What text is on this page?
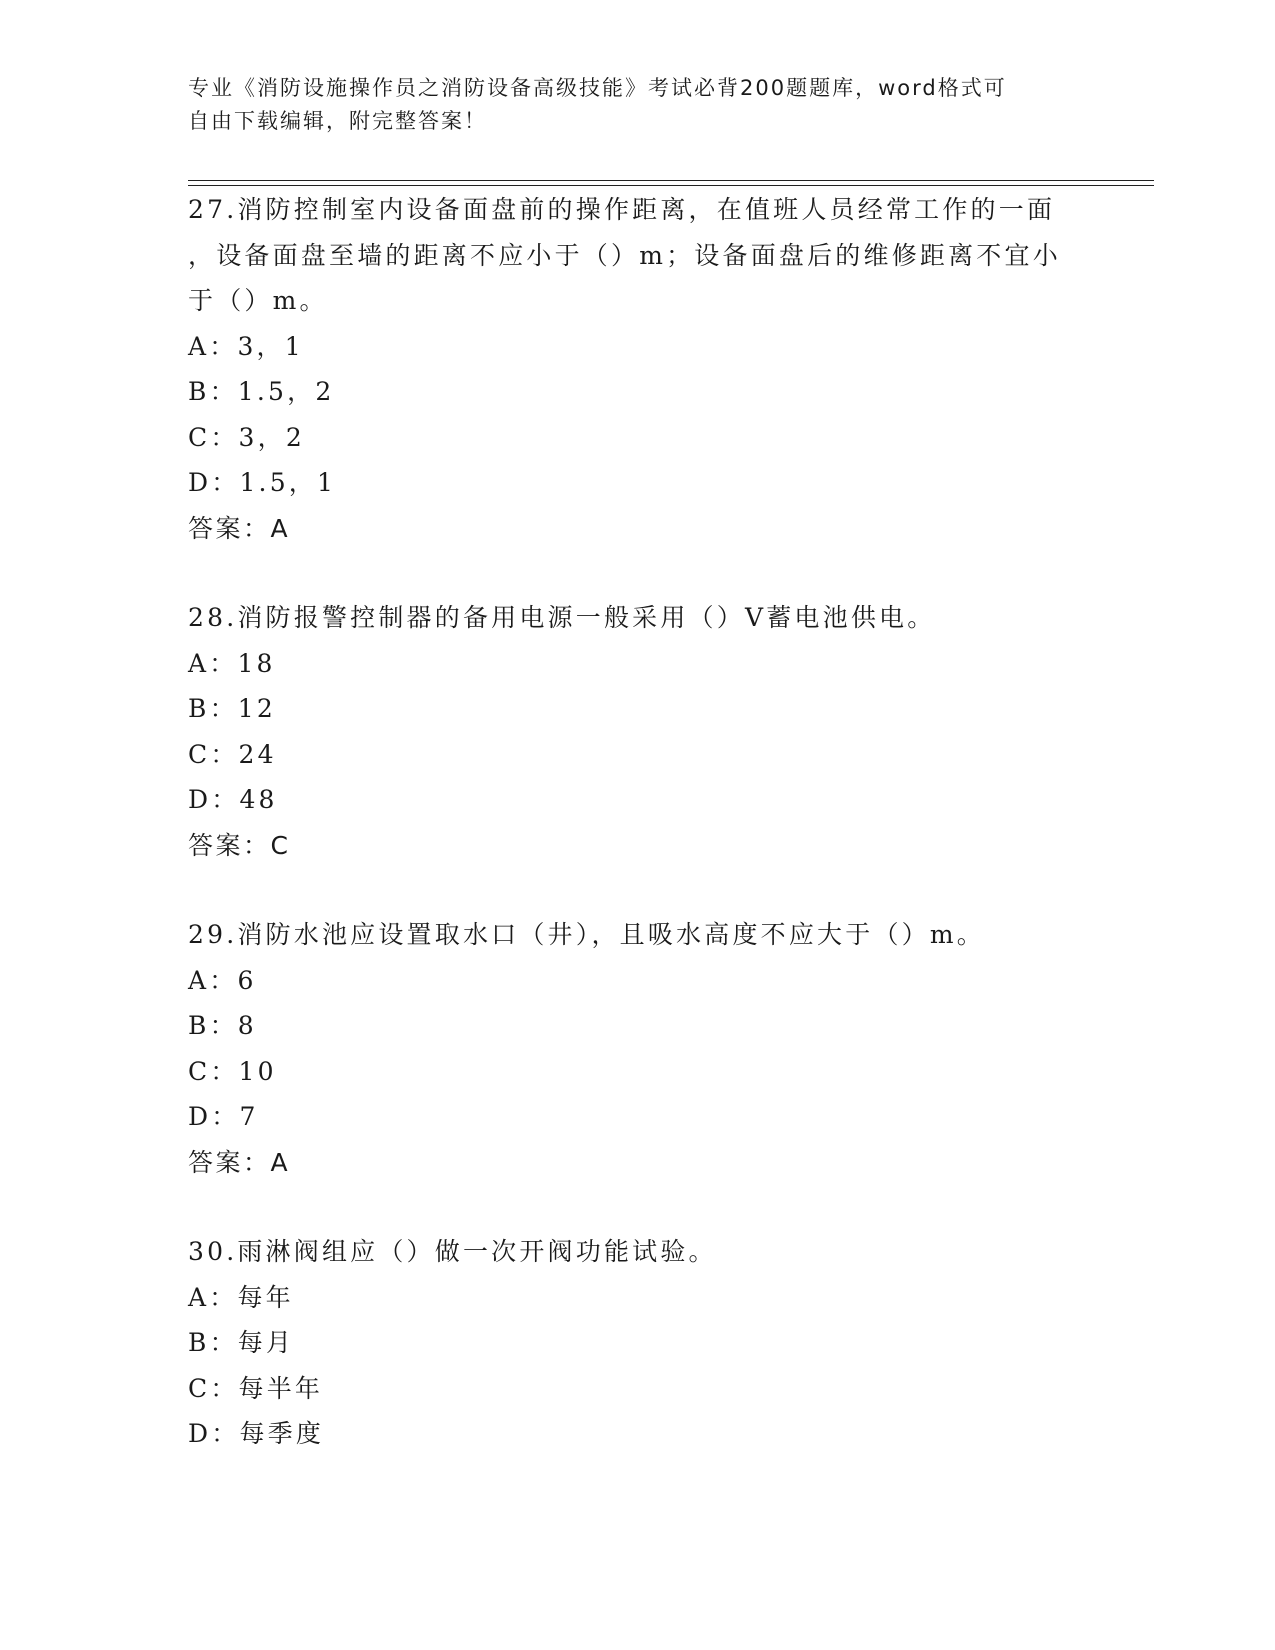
专业《消防设施操作员之消防设备高级技能》考试必背200题题库，word格式可
自由下载编辑，附完整答案！
27.消防控制室内设备面盘前的操作距离，在值班人员经常工作的一面
，设备面盘至墙的距离不应小于（）m；设备面盘后的维修距离不宜小
于（）m。
A：3，1
B：1.5，2
C：3，2
D：1.5，1
答案：A
28.消防报警控制器的备用电源一般采用（）V蓄电池供电。
A：18
B：12
C：24
D：48
答案：C
29.消防水池应设置取水口（井），且吸水高度不应大于（）m。
A：6
B：8
C：10
D：7
答案：A
30.雨淋阀组应（）做一次开阀功能试验。
A：每年
B：每月
C：每半年
D：每季度
